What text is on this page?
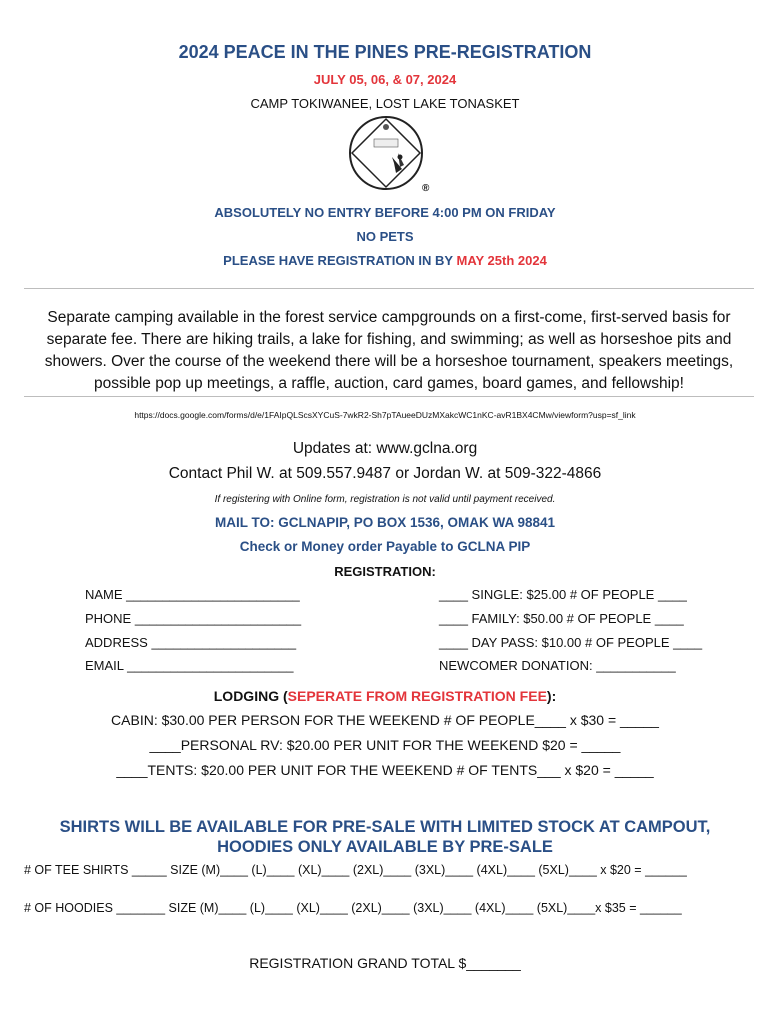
2024 PEACE IN THE PINES PRE-REGISTRATION
JULY 05, 06, & 07, 2024
CAMP TOKIWANEE, LOST LAKE TONASKET
®
ABSOLUTELY NO ENTRY BEFORE 4:00 PM ON FRIDAY
NO PETS
PLEASE HAVE REGISTRATION IN BY MAY 25th 2024
Separate camping available in the forest service campgrounds on a first-come, first-served basis for separate fee. There are hiking trails, a lake for fishing, and swimming; as well as horseshoe pits and showers. Over the course of the weekend there will be a horseshoe tournament, speakers meetings, possible pop up meetings, a raffle, auction, card games, board games, and fellowship!
https://docs.google.com/forms/d/e/1FAIpQLScsXYCuS-7wkR2-Sh7pTAueeDUzMXakcWC1nKC-avR1BX4CMw/viewform?usp=sf_link
Updates at: www.gclna.org
Contact Phil W. at 509.557.9487 or Jordan W. at 509-322-4866
If registering with Online form, registration is not valid until payment received.
MAIL TO: GCLNAPIP, PO BOX 1536, OMAK WA 98841
Check or Money order Payable to GCLNA PIP
REGISTRATION:
NAME ________________________
PHONE _______________________
ADDRESS ____________________
EMAIL _______________________
____ SINGLE: $25.00 # OF PEOPLE ____
____ FAMILY: $50.00 # OF PEOPLE ____
____ DAY PASS: $10.00 # OF PEOPLE ____
NEWCOMER DONATION: ___________
LODGING (SEPERATE FROM REGISTRATION FEE):
CABIN: $30.00 PER PERSON FOR THE WEEKEND # OF PEOPLE____ x $30 = _____
____PERSONAL RV: $20.00 PER UNIT FOR THE WEEKEND $20 = _____
____TENTS: $20.00 PER UNIT FOR THE WEEKEND # OF TENTS___ x $20 = _____
SHIRTS WILL BE AVAILABLE FOR PRE-SALE WITH LIMITED STOCK AT CAMPOUT,
HOODIES ONLY AVAILABLE BY PRE-SALE
# OF TEE SHIRTS _____ SIZE (M)____ (L)____ (XL)____ (2XL)____ (3XL)____ (4XL)____ (5XL)____ x $20 = ______
# OF HOODIES _______ SIZE (M)____ (L)____ (XL)____ (2XL)____ (3XL)____ (4XL)____ (5XL)____x $35 = ______
REGISTRATION GRAND TOTAL $_______
